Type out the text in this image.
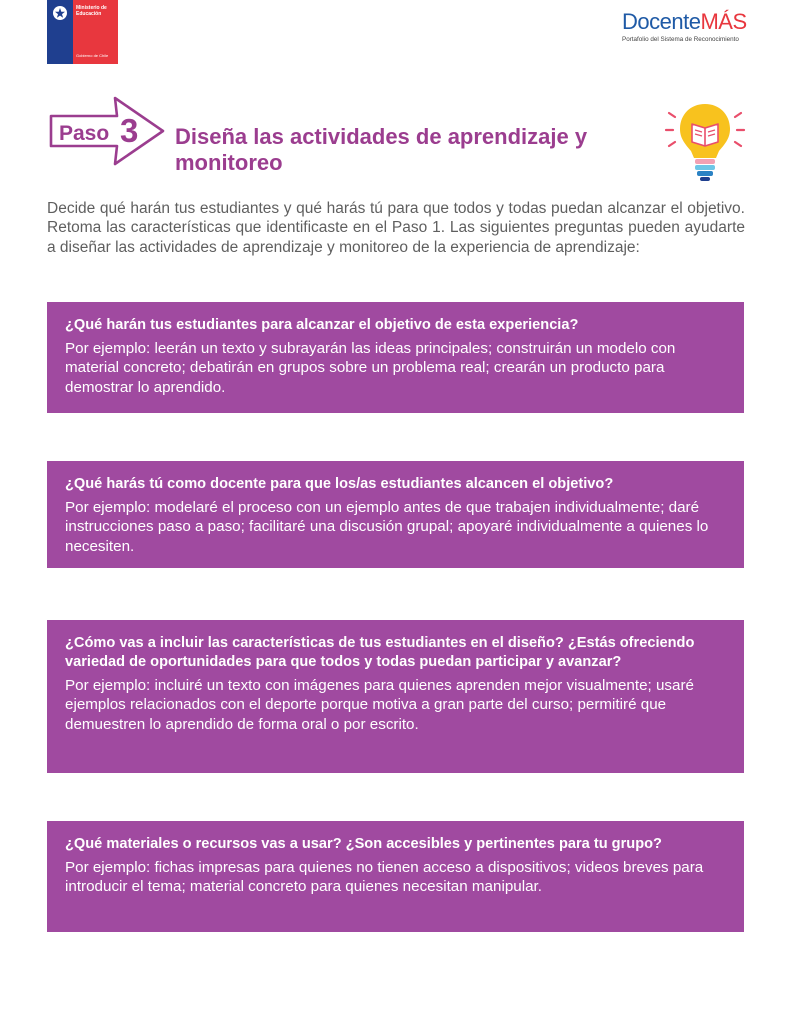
Ministerio de Educación
Gobierno de Chile
DocenteMÁS
Portafolio del Sistema de Reconocimiento
Paso 3 Diseña las actividades de aprendizaje y monitoreo

Decide qué harán tus estudiantes y qué harás tú para que todos y todas puedan alcanzar el objetivo. Retoma las características que identificaste en el Paso 1. Las siguientes preguntas pueden ayudarte a diseñar las actividades de aprendizaje y monitoreo de la experiencia de aprendizaje:

¿Qué harán tus estudiantes para alcanzar el objetivo de esta experiencia?
Por ejemplo: leerán un texto y subrayarán las ideas principales; construirán un modelo con material concreto; debatirán en grupos sobre un problema real; crearán un producto para demostrar lo aprendido.
¿Qué harás tú como docente para que los/as estudiantes alcancen el objetivo?
Por ejemplo: modelaré el proceso con un ejemplo antes de que trabajen individualmente; daré instrucciones paso a paso; facilitaré una discusión grupal; apoyaré individualmente a quienes lo necesiten.
¿Cómo vas a incluir las características de tus estudiantes en el diseño? ¿Estás ofreciendo variedad de oportunidades para que todos y todas puedan participar y avanzar?
Por ejemplo: incluiré un texto con imágenes para quienes aprenden mejor visualmente; usaré ejemplos relacionados con el deporte porque motiva a gran parte del curso; permitiré que demuestren lo aprendido de forma oral o por escrito.
¿Qué materiales o recursos vas a usar? ¿Son accesibles y pertinentes para tu grupo?
Por ejemplo: fichas impresas para quienes no tienen acceso a dispositivos; videos breves para introducir el tema; material concreto para quienes necesitan manipular.
